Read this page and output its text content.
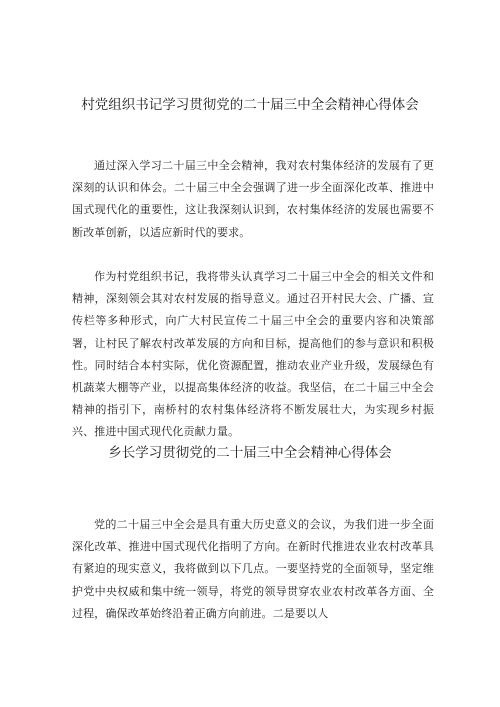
村党组织书记学习贯彻党的二十届三中全会精神心得体会

通过深入学习二十届三中全会精神，我对农村集体经济的发展有了更深刻的认识和体会。二十届三中全会强调了进一步全面深化改革、推进中国式现代化的重要性，这让我深刻认识到，农村集体经济的发展也需要不断改革创新，以适应新时代的要求。

作为村党组织书记，我将带头认真学习二十届三中全会的相关文件和精神，深刻领会其对农村发展的指导意义。通过召开村民大会、广播、宣传栏等多种形式，向广大村民宣传二十届三中全会的重要内容和决策部署，让村民了解农村改革发展的方向和目标，提高他们的参与意识和积极性。同时结合本村实际，优化资源配置，推动农业产业升级，发展绿色有机蔬菜大棚等产业，以提高集体经济的收益。我坚信，在二十届三中全会精神的指引下，南桥村的农村集体经济将不断发展壮大，为实现乡村振兴、推进中国式现代化贡献力量。

乡长学习贯彻党的二十届三中全会精神心得体会

党的二十届三中全会是具有重大历史意义的会议，为我们进一步全面深化改革、推进中国式现代化指明了方向。在新时代推进农业农村改革具有紧迫的现实意义，我将做到以下几点。一要坚持党的全面领导，坚定维护党中央权威和集中统一领导，将党的领导贯穿农业农村改革各方面、全过程，确保改革始终沿着正确方向前进。二是要以人
